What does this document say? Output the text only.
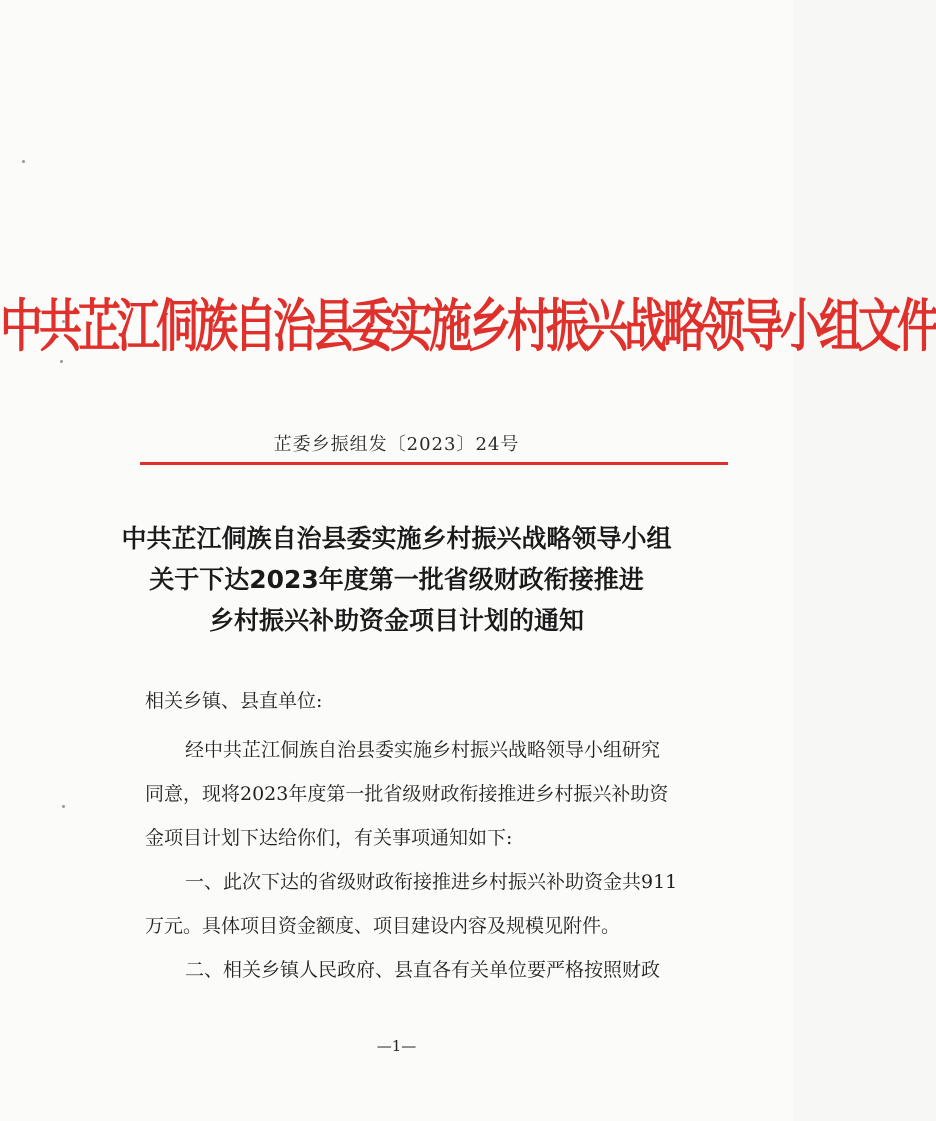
中共芷江侗族自治县委实施乡村振兴战略领导小组文件
芷委乡振组发〔2023〕24号
中共芷江侗族自治县委实施乡村振兴战略领导小组
关于下达2023年度第一批省级财政衔接推进
乡村振兴补助资金项目计划的通知
相关乡镇、县直单位:
经中共芷江侗族自治县委实施乡村振兴战略领导小组研究
同意，现将2023年度第一批省级财政衔接推进乡村振兴补助资
金项目计划下达给你们，有关事项通知如下:
一、此次下达的省级财政衔接推进乡村振兴补助资金共911
万元。具体项目资金额度、项目建设内容及规模见附件。
二、相关乡镇人民政府、县直各有关单位要严格按照财政
—1—
